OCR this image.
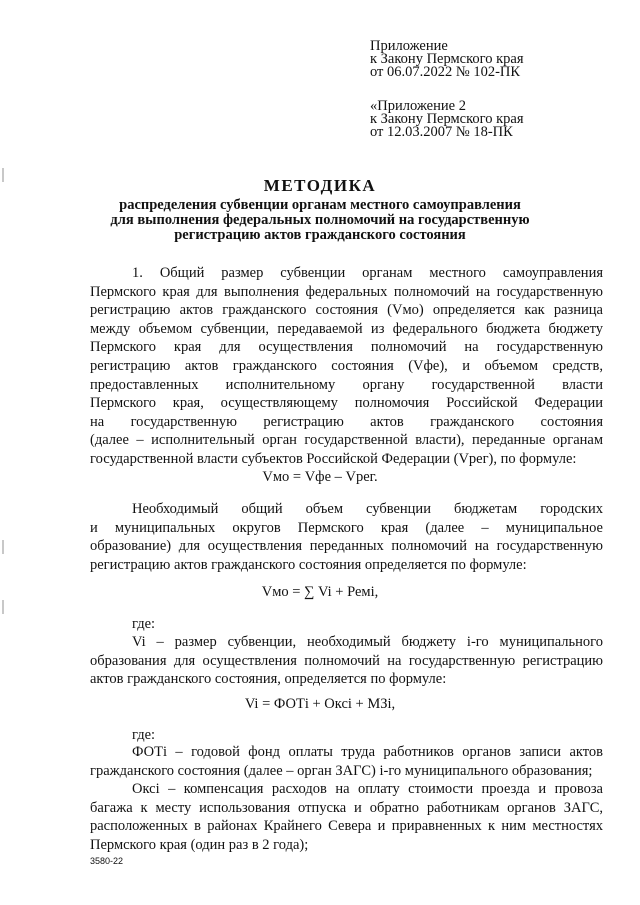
Приложение
к Закону Пермского края
от 06.07.2022 № 102-ПК
«Приложение 2
к Закону Пермского края
от 12.03.2007 № 18-ПК
МЕТОДИКА
распределения субвенции органам местного самоуправления
для выполнения федеральных полномочий на государственную
регистрацию актов гражданского состояния
1. Общий размер субвенции органам местного самоуправления
Пермского края для выполнения федеральных полномочий на государственную
регистрацию актов гражданского состояния (Vмо) определяется как разница
между объемом субвенции, передаваемой из федерального бюджета бюджету
Пермского края для осуществления полномочий на государственную
регистрацию актов гражданского состояния (Vфе), и объемом средств,
предоставленных исполнительному органу государственной власти
Пермского края, осуществляющему полномочия Российской Федерации
на государственную регистрацию актов гражданского состояния
(далее – исполнительный орган государственной власти), переданные органам
государственной власти субъектов Российской Федерации (Vрег), по формуле:
Vмо = Vфе – Vрег.
Необходимый общий объем субвенции бюджетам городских
и муниципальных округов Пермского края (далее – муниципальное
образование) для осуществления переданных полномочий на государственную
регистрацию актов гражданского состояния определяется по формуле:
Vмо = ∑ Vi + Ремi,
где:
Vi – размер субвенции, необходимый бюджету i-го муниципального
образования для осуществления полномочий на государственную регистрацию
актов гражданского состояния, определяется по формуле:
Vi = ФОТi + Оксi + МЗi,
где:
ФОТi – годовой фонд оплаты труда работников органов записи актов
гражданского состояния (далее – орган ЗАГС) i-го муниципального образования;
Оксi – компенсация расходов на оплату стоимости проезда и провоза
багажа к месту использования отпуска и обратно работникам органов ЗАГС,
расположенных в районах Крайнего Севера и приравненных к ним местностях
Пермского края (один раз в 2 года);
3580-22
